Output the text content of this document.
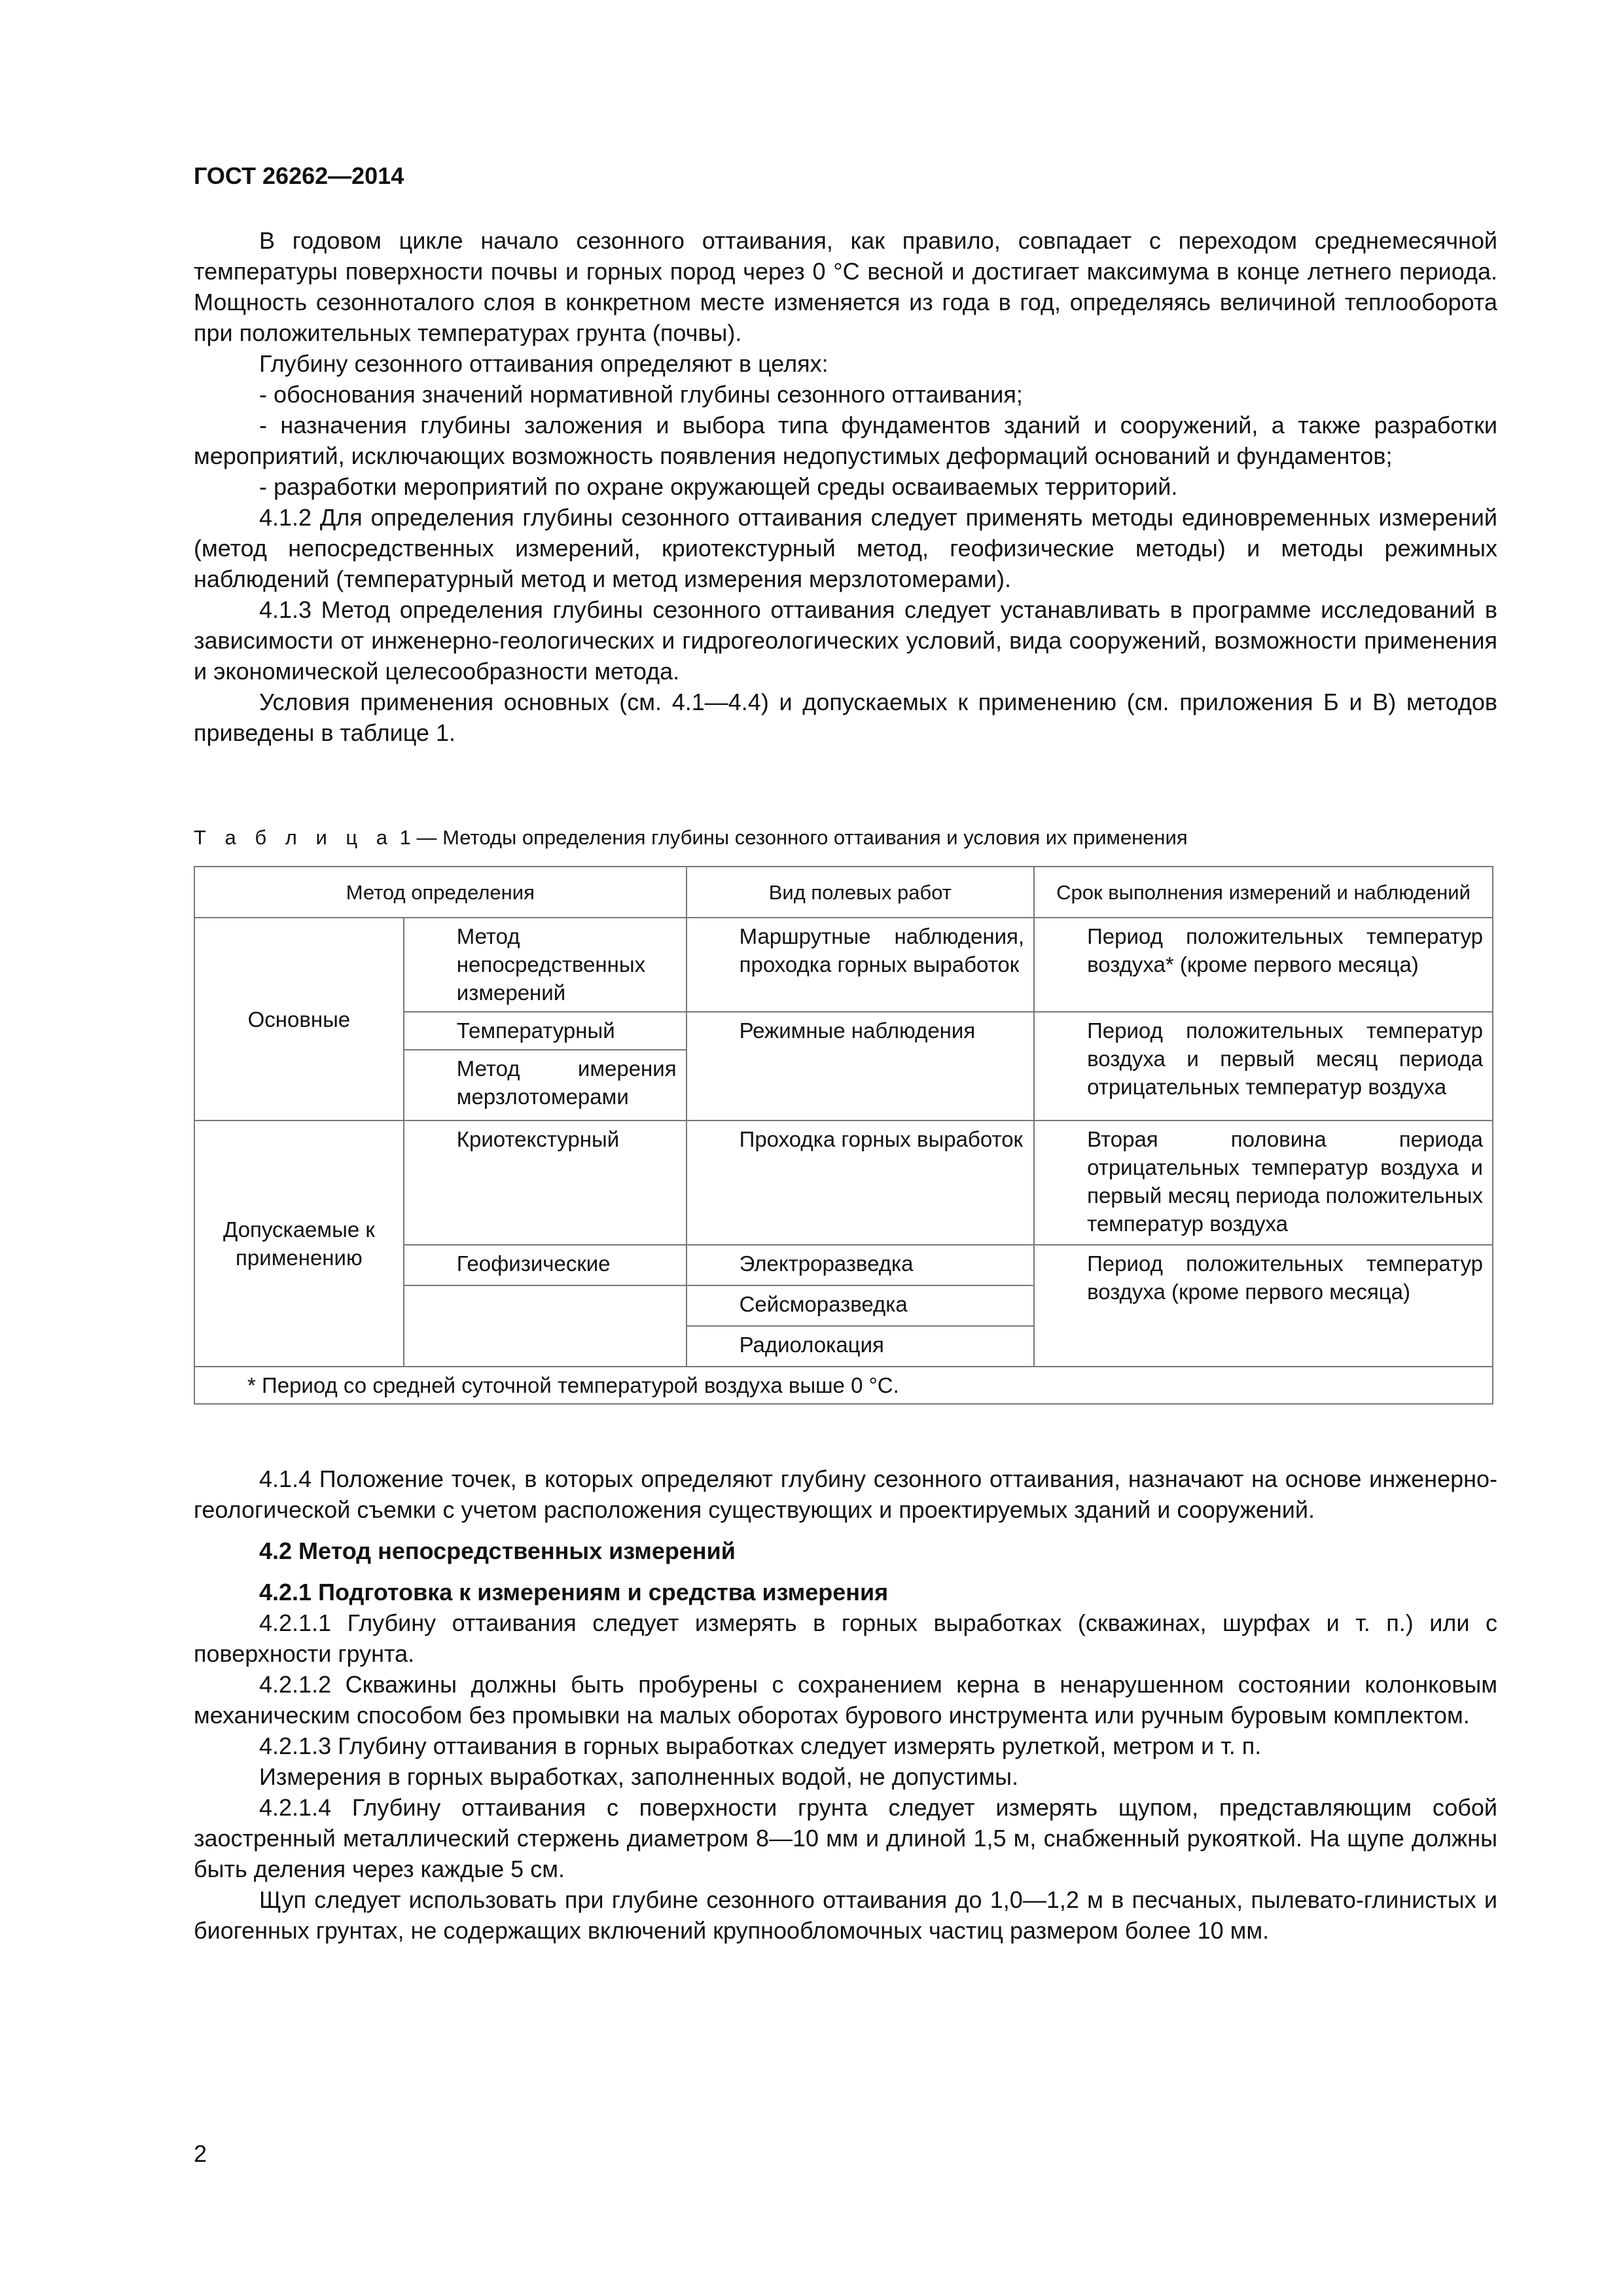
ГОСТ 26262—2014

В годовом цикле начало сезонного оттаивания, как правило, совпадает с переходом среднемесячной температуры поверхности почвы и горных пород через 0 °С весной и достигает максимума в конце летнего периода. Мощность сезонноталого слоя в конкретном месте изменяется из года в год, определяясь величиной теплооборота при положительных температурах грунта (почвы).

Глубину сезонного оттаивания определяют в целях:

- обоснования значений нормативной глубины сезонного оттаивания;

- назначения глубины заложения и выбора типа фундаментов зданий и сооружений, а также разработки мероприятий, исключающих возможность появления недопустимых деформаций оснований и фундаментов;

- разработки мероприятий по охране окружающей среды осваиваемых территорий.

4.1.2 Для определения глубины сезонного оттаивания следует применять методы единовременных измерений (метод непосредственных измерений, криотекстурный метод, геофизические методы) и методы режимных наблюдений (температурный метод и метод измерения мерзлотомерами).

4.1.3 Метод определения глубины сезонного оттаивания следует устанавливать в программе исследований в зависимости от инженерно-геологических и гидрогеологических условий, вида сооружений, возможности применения и экономической целесообразности метода.

Условия применения основных (см. 4.1—4.4) и допускаемых к применению (см. приложения Б и В) методов приведены в таблице 1.

Т а б л и ц а 1 — Методы определения глубины сезонного оттаивания и условия их применения
Метод определения		Вид полевых работ	Срок выполнения измерений и наблюдений
Основные	Метод непосредственных измерений	Маршрутные наблюдения, проходка горных выработок	Период положительных температур воздуха* (кроме первого месяца)
	Температурный	Режимные наблюдения	Период положительных температур воздуха и первый месяц периода отрицательных температур воздуха
	Метод имерения мерзлотомерами		
Допускаемые к применению	Криотекстурный	Проходка горных выработок	Вторая половина периода отрицательных температур воздуха и первый месяц периода положительных температур воздуха
	Геофизические	Электроразведка	Период положительных температур воздуха (кроме первого месяца)
		Сейсморазведка	
		Радиолокация	
* Период со средней суточной температурой воздуха выше 0 °С.			

4.1.4 Положение точек, в которых определяют глубину сезонного оттаивания, назначают на основе инженерно-геологической съемки с учетом расположения существующих и проектируемых зданий и сооружений.

4.2 Метод непосредственных измерений

4.2.1 Подготовка к измерениям и средства измерения

4.2.1.1 Глубину оттаивания следует измерять в горных выработках (скважинах, шурфах и т. п.) или с поверхности грунта.

4.2.1.2 Скважины должны быть пробурены с сохранением керна в ненарушенном состоянии колонковым механическим способом без промывки на малых оборотах бурового инструмента или ручным буровым комплектом.

4.2.1.3 Глубину оттаивания в горных выработках следует измерять рулеткой, метром и т. п.

Измерения в горных выработках, заполненных водой, не допустимы.

4.2.1.4 Глубину оттаивания с поверхности грунта следует измерять щупом, представляющим собой заостренный металлический стержень диаметром 8—10 мм и длиной 1,5 м, снабженный рукояткой. На щупе должны быть деления через каждые 5 см.

Щуп следует использовать при глубине сезонного оттаивания до 1,0—1,2 м в песчаных, пылевато-глинистых и биогенных грунтах, не содержащих включений крупнообломочных частиц размером более 10 мм.

2
